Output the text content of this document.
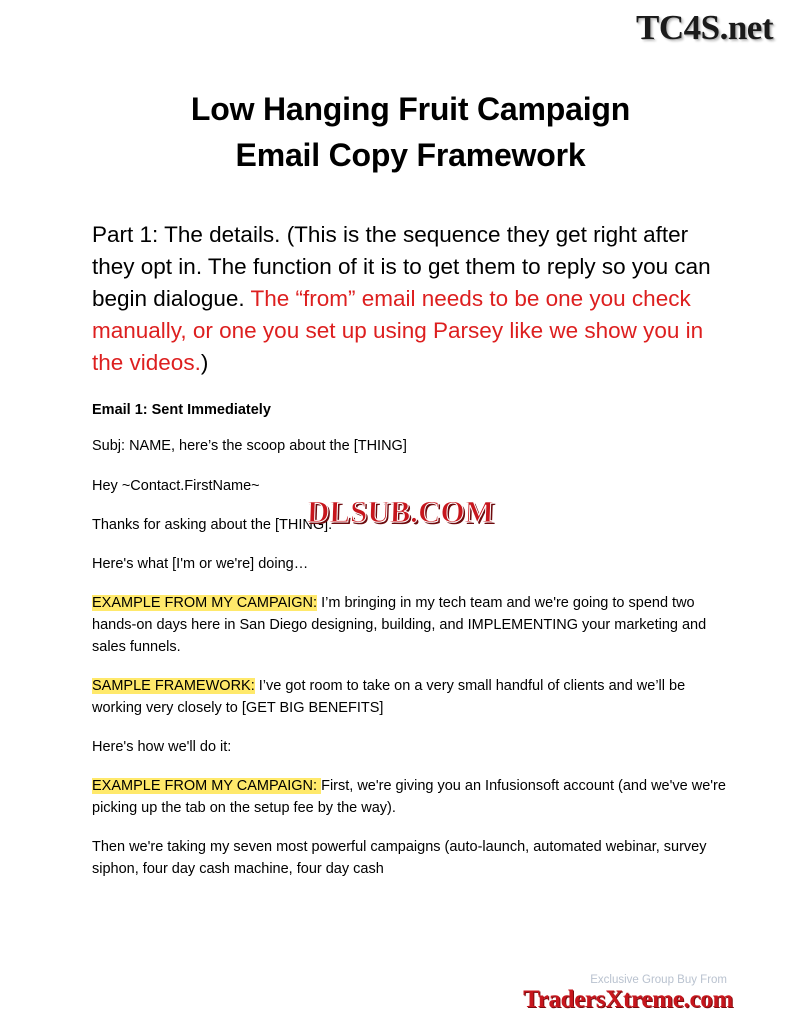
TC4S.net
Low Hanging Fruit Campaign
Email Copy Framework

Part 1: The details. (This is the sequence they get right after they opt in. The function of it is to get them to reply so you can begin dialogue. The “from” email needs to be one you check manually, or one you set up using Parsey like we show you in the videos.)

Email 1: Sent Immediately

Subj: NAME, here’s the scoop about the [THING]

Hey ~Contact.FirstName~

Thanks for asking about the [THING].

Here's what [I'm or we're] doing…

EXAMPLE FROM MY CAMPAIGN: I’m bringing in my tech team and we're going to spend two hands-on days here in San Diego designing, building, and IMPLEMENTING your marketing and sales funnels.

SAMPLE FRAMEWORK: I’ve got room to take on a very small handful of clients and we’ll be working very closely to [GET BIG BENEFITS]

Here's how we'll do it:

EXAMPLE FROM MY CAMPAIGN: First, we're giving you an Infusionsoft account (and we've we're picking up the tab on the setup fee by the way).

Then we're taking my seven most powerful campaigns (auto-launch, automated webinar, survey siphon, four day cash machine, four day cash

DLSUB.COM
Exclusive Group Buy From
TradersXtreme.com
